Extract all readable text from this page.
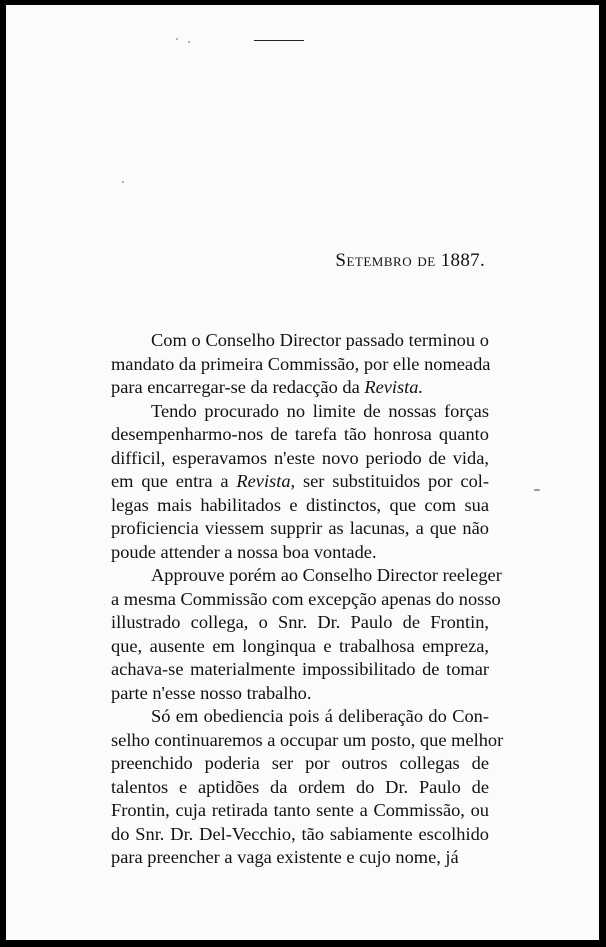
Setembro de 1887.
Com o Conselho Director passado terminou o
mandato da primeira Commissão, por elle nomeada
para encarregar-se da redacção da Revista.
Tendo procurado no limite de nossas forças
desempenharmo-nos de tarefa tão honrosa quanto
difficil, esperavamos n'este novo periodo de vida,
em que entra a Revista, ser substituidos por col-
legas mais habilitados e distinctos, que com sua
proficiencia viessem supprir as lacunas, a que não
poude attender a nossa boa vontade.
Approuve porém ao Conselho Director reeleger
a mesma Commissão com excepção apenas do nosso
illustrado collega, o Snr. Dr. Paulo de Frontin,
que, ausente em longinqua e trabalhosa empreza,
achava-se materialmente impossibilitado de tomar
parte n'esse nosso trabalho.
Só em obediencia pois á deliberação do Con-
selho continuaremos a occupar um posto, que melhor
preenchido poderia ser por outros collegas de
talentos e aptidões da ordem do Dr. Paulo de
Frontin, cuja retirada tanto sente a Commissão, ou
do Snr. Dr. Del-Vecchio, tão sabiamente escolhido
para preencher a vaga existente e cujo nome, já
